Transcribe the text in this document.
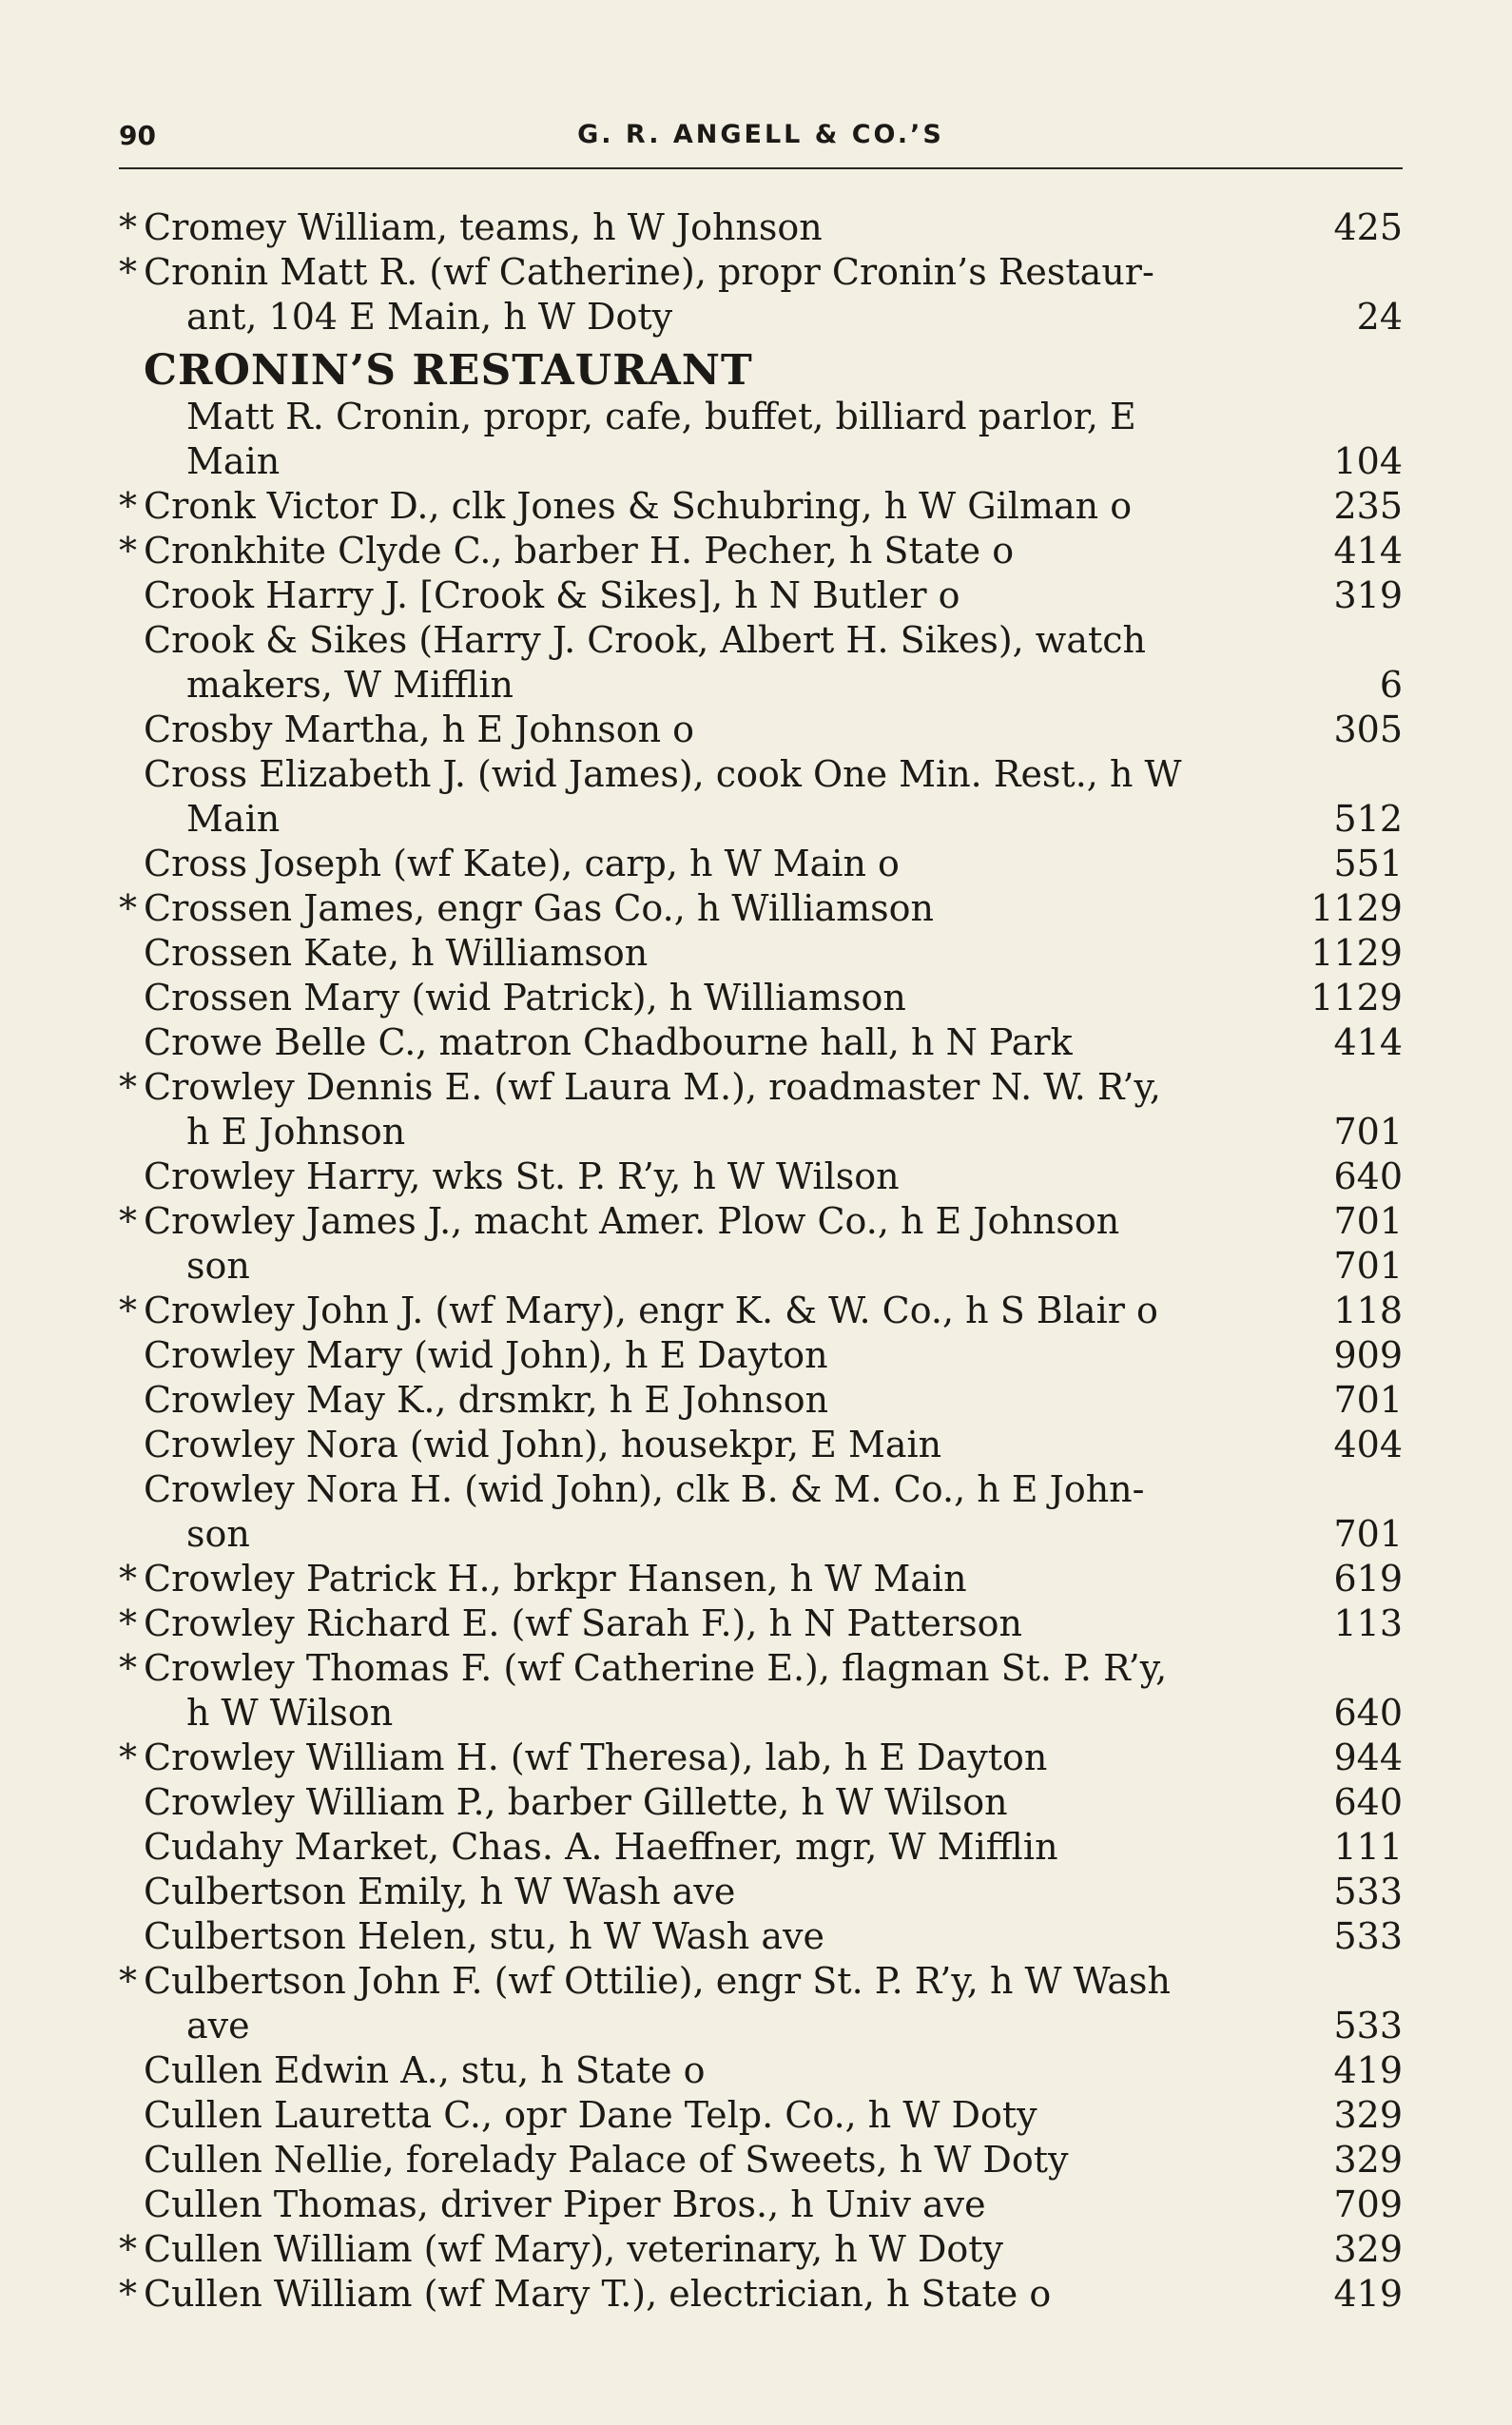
90	G. R. ANGELL & CO.’S
* Cromey William, teams, h W Johnson	425
* Cronin Matt R. (wf Catherine), propr Cronin’s Restaur-
ant, 104 E Main, h W Doty	24
CRONIN’S RESTAURANT
Matt R. Cronin, propr, cafe, buffet, billiard parlor, E
Main	104
* Cronk Victor D., clk Jones & Schubring, h W Gilman o	235
* Cronkhite Clyde C., barber H. Pecher, h State o	414
Crook Harry J. [Crook & Sikes], h N Butler o	319
Crook & Sikes (Harry J. Crook, Albert H. Sikes), watch
makers, W Mifflin	6
Crosby Martha, h E Johnson o	305
Cross Elizabeth J. (wid James), cook One Min. Rest., h W
Main	512
Cross Joseph (wf Kate), carp, h W Main o	551
* Crossen James, engr Gas Co., h Williamson	1129
Crossen Kate, h Williamson	1129
Crossen Mary (wid Patrick), h Williamson	1129
Crowe Belle C., matron Chadbourne hall, h N Park	414
* Crowley Dennis E. (wf Laura M.), roadmaster N. W. R’y,
h E Johnson	701
Crowley Harry, wks St. P. R’y, h W Wilson	640
* Crowley James J., macht Amer. Plow Co., h E Johnson	701
son	701
* Crowley John J. (wf Mary), engr K. & W. Co., h S Blair o	118
Crowley Mary (wid John), h E Dayton	909
Crowley May K., drsmkr, h E Johnson	701
Crowley Nora (wid John), housekpr, E Main	404
Crowley Nora H. (wid John), clk B. & M. Co., h E John-
son	701
* Crowley Patrick H., brkpr Hansen, h W Main	619
* Crowley Richard E. (wf Sarah F.), h N Patterson	113
* Crowley Thomas F. (wf Catherine E.), flagman St. P. R’y,
h W Wilson	640
* Crowley William H. (wf Theresa), lab, h E Dayton	944
Crowley William P., barber Gillette, h W Wilson	640
Cudahy Market, Chas. A. Haeffner, mgr, W Mifflin	111
Culbertson Emily, h W Wash ave	533
Culbertson Helen, stu, h W Wash ave	533
* Culbertson John F. (wf Ottilie), engr St. P. R’y, h W Wash
ave	533
Cullen Edwin A., stu, h State o	419
Cullen Lauretta C., opr Dane Telp. Co., h W Doty	329
Cullen Nellie, forelady Palace of Sweets, h W Doty	329
Cullen Thomas, driver Piper Bros., h Univ ave	709
* Cullen William (wf Mary), veterinary, h W Doty	329
* Cullen William (wf Mary T.), electrician, h State o	419
